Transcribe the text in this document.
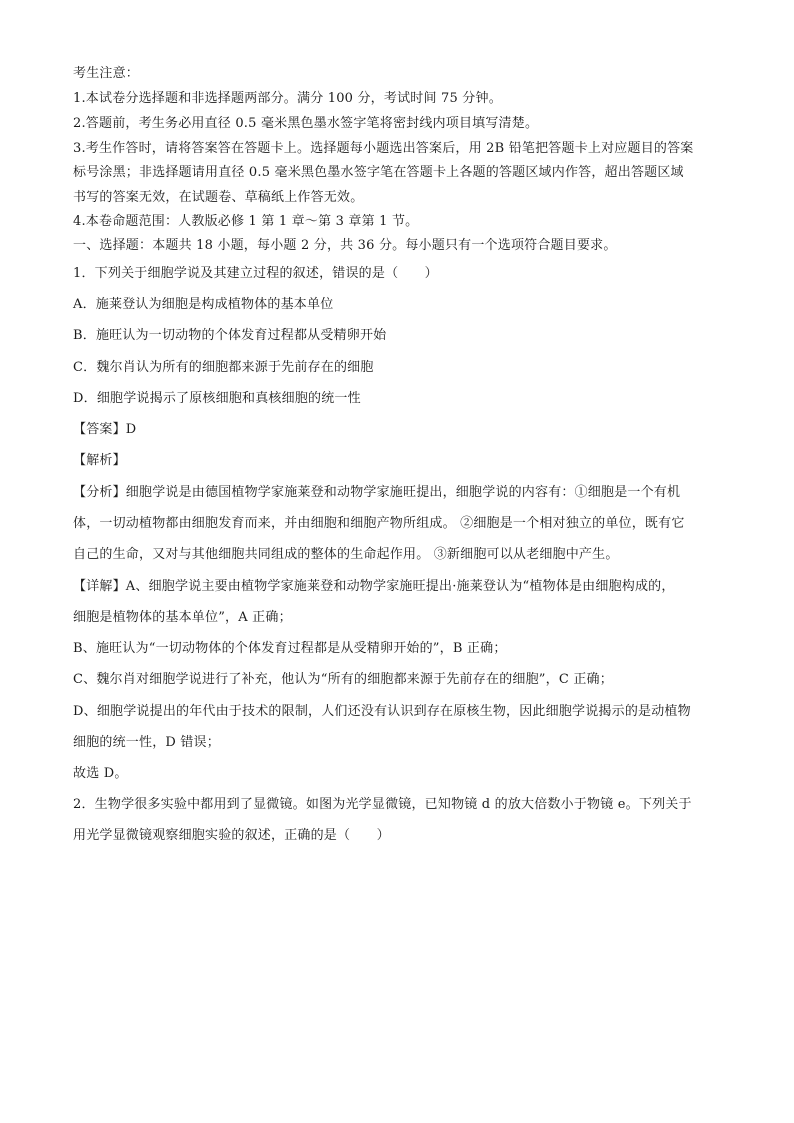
考生注意：
1.本试卷分选择题和非选择题两部分。满分 100 分，考试时间 75 分钟。
2.答题前，考生务必用直径 0.5 毫米黑色墨水签字笔将密封线内项目填写清楚。
3.考生作答时，请将答案答在答题卡上。选择题每小题选出答案后，用 2B 铅笔把答题卡上对应题目的答案
标号涂黑；非选择题请用直径 0.5 毫米黑色墨水签字笔在答题卡上各题的答题区域内作答，超出答题区域
书写的答案无效，在试题卷、草稿纸上作答无效。
4.本卷命题范围：人教版必修 1 第 1 章～第 3 章第 1 节。
一、选择题：本题共 18 小题，每小题 2 分，共 36 分。每小题只有一个选项符合题目要求。
1．下列关于细胞学说及其建立过程的叙述，错误的是（　　）
A．施莱登认为细胞是构成植物体的基本单位
B．施旺认为一切动物的个体发育过程都从受精卵开始
C．魏尔肖认为所有的细胞都来源于先前存在的细胞
D．细胞学说揭示了原核细胞和真核细胞的统一性
【答案】D
【解析】
【分析】细胞学说是由德国植物学家施莱登和动物学家施旺提出，细胞学说的内容有：①细胞是一个有机
体，一切动植物都由细胞发育而来，并由细胞和细胞产物所组成。 ②细胞是一个相对独立的单位，既有它
自己的生命，又对与其他细胞共同组成的整体的生命起作用。 ③新细胞可以从老细胞中产生。
【详解】A、细胞学说主要由植物学家施莱登和动物学家施旺提出·施莱登认为“植物体是由细胞构成的，
细胞是植物体的基本单位”，A 正确；
B、施旺认为“一切动物体的个体发育过程都是从受精卵开始的”，B 正确；
C、魏尔肖对细胞学说进行了补充，他认为“所有的细胞都来源于先前存在的细胞”，C 正确；
D、细胞学说提出的年代由于技术的限制，人们还没有认识到存在原核生物，因此细胞学说揭示的是动植物
细胞的统一性，D 错误；
故选 D。
2．生物学很多实验中都用到了显微镜。如图为光学显微镜，已知物镜 d 的放大倍数小于物镜 e。下列关于
用光学显微镜观察细胞实验的叙述，正确的是（　　）
